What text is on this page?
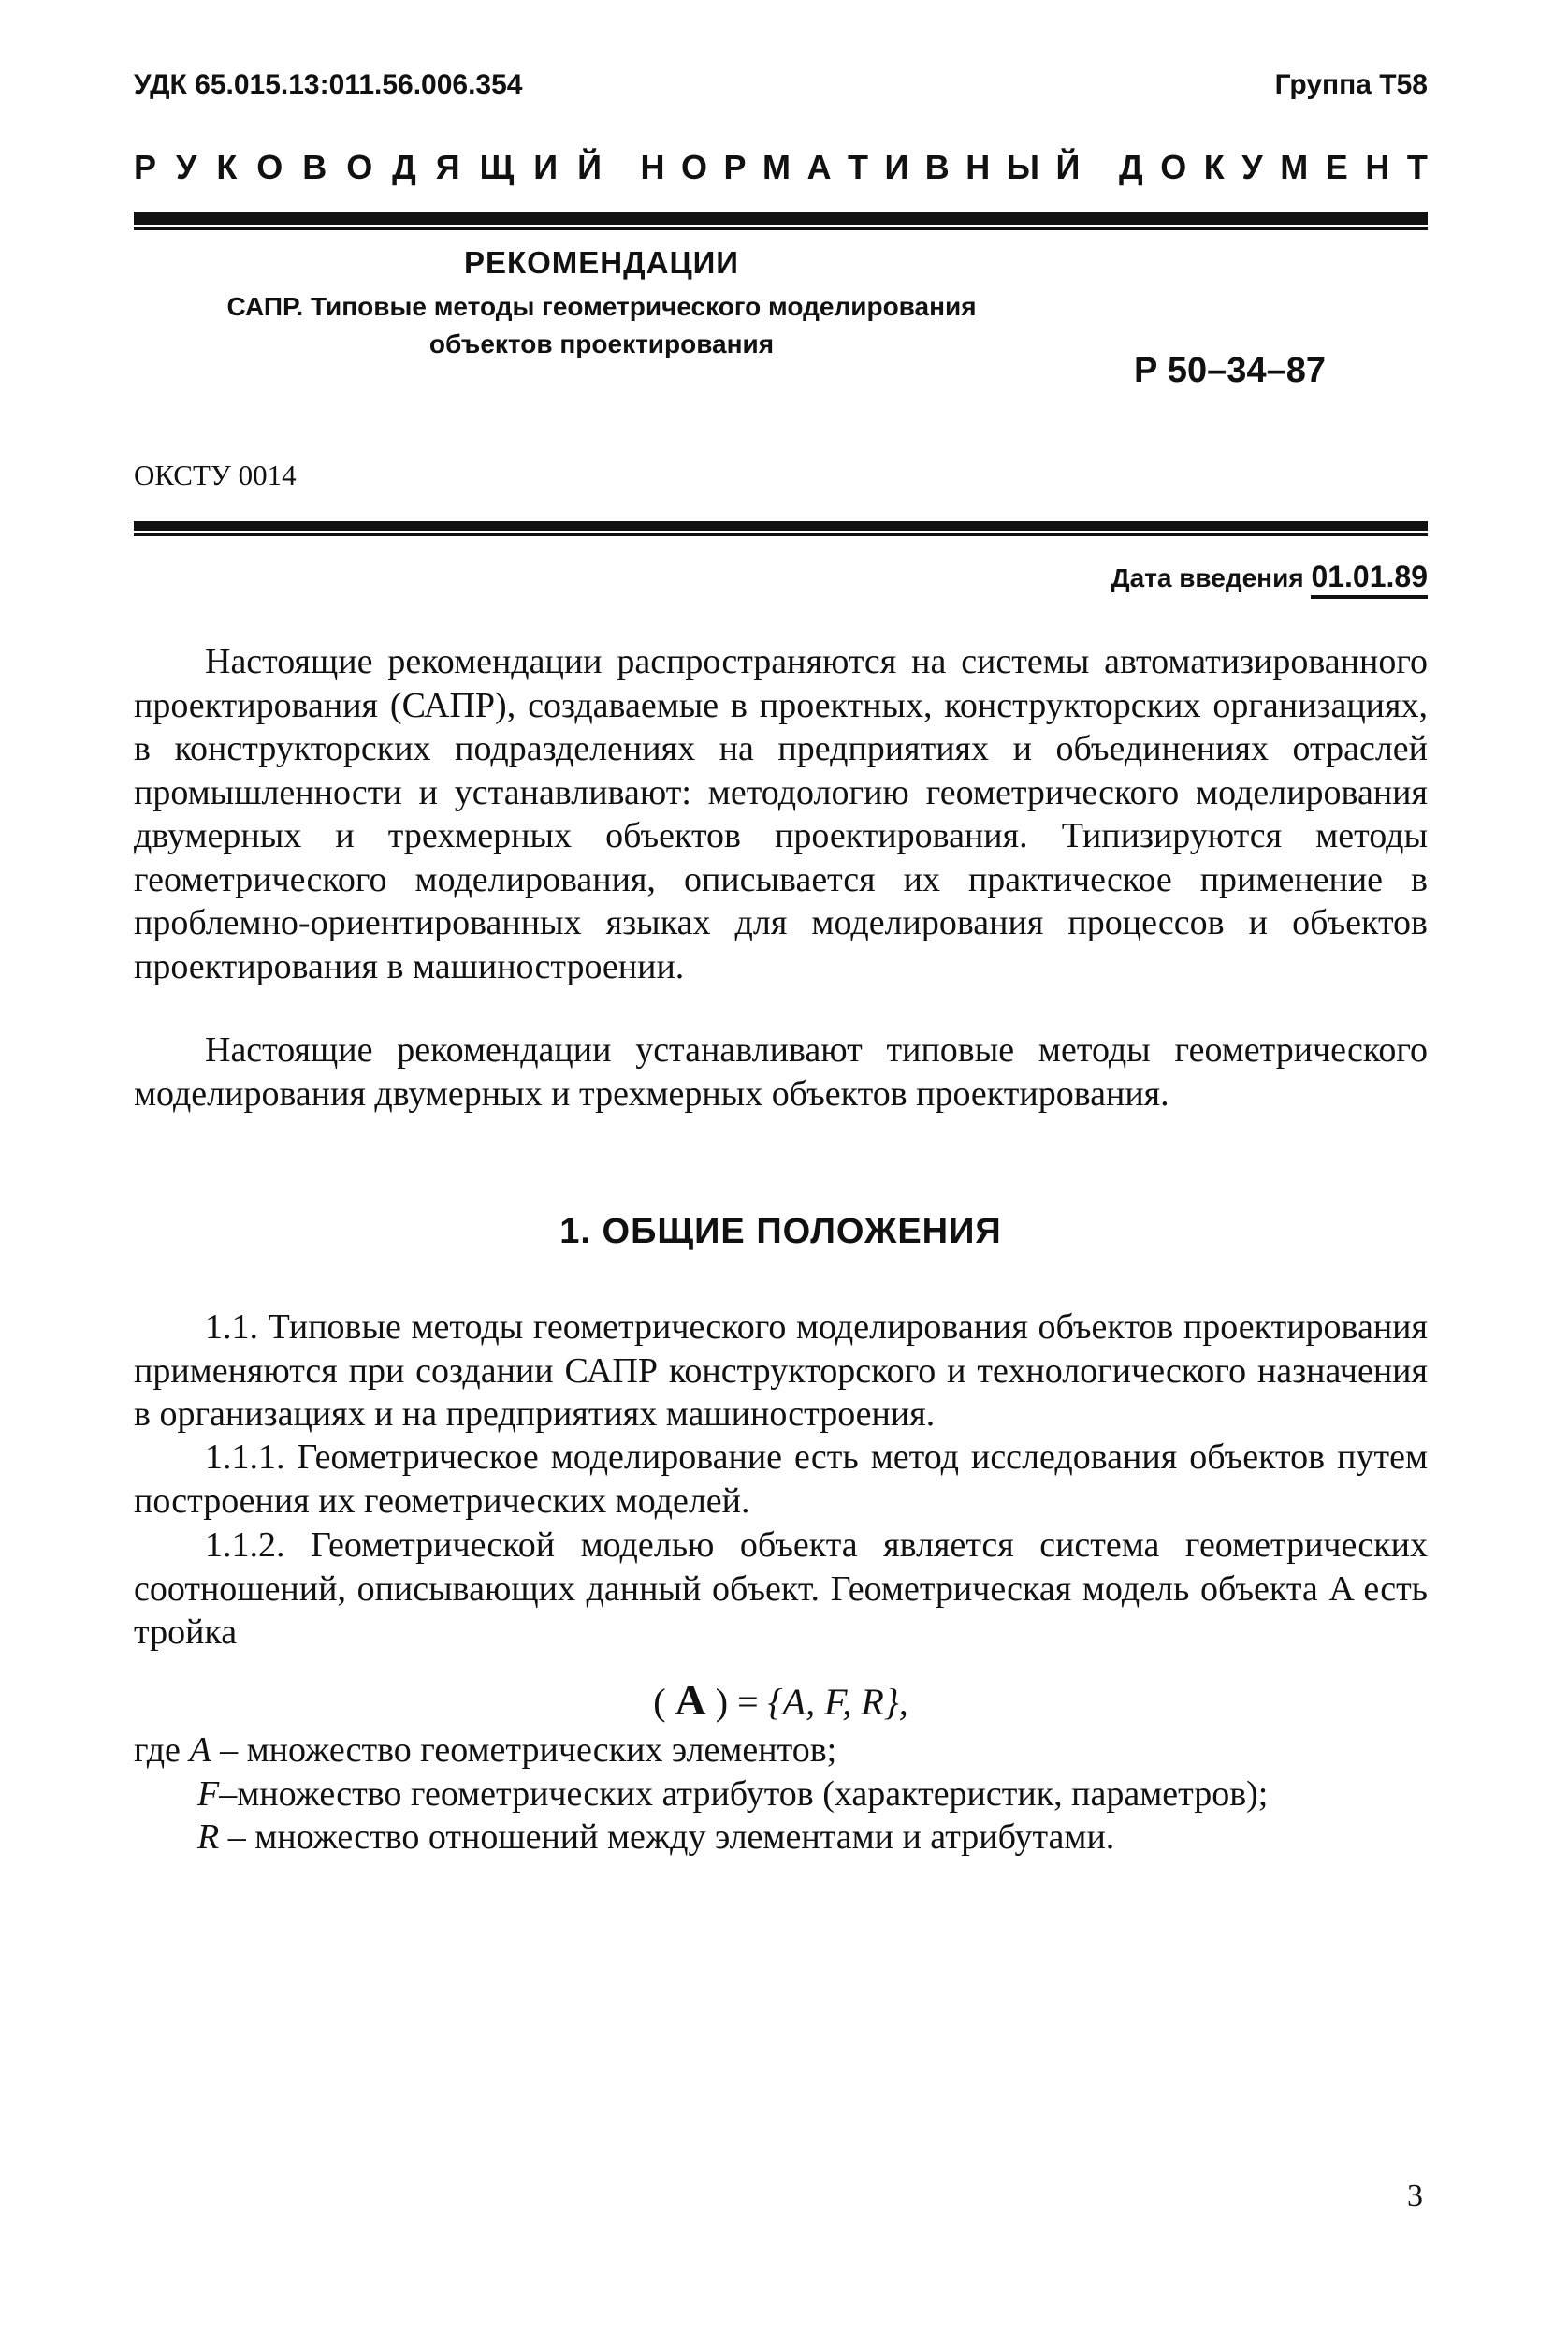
УДК 65.015.13:011.56.006.354	Группа Т58
Р У К О В О Д Я Щ И Й Н О Р М А Т И В Н Ы Й Д О К У М Е Н Т
РЕКОМЕНДАЦИИ
САПР. Типовые методы геометрического моделирования
объектов проектирования
Р 50–34–87
ОКСТУ 0014
Дата введения 01.01.89

Настоящие рекомендации распространяются на системы автоматизированного проектирования (САПР), создаваемые в проектных, конструкторских организациях, в конструкторских подразделениях на предприятиях и объединениях отраслей промышленности и устанавливают: методологию геометрического моделирования двумерных и трехмерных объектов проектирования. Типизируются методы геометрического моделирования, описывается их практическое применение в проблемно-ориентированных языках для моделирования процессов и объектов проектирования в машиностроении.

Настоящие рекомендации устанавливают типовые методы геометрического моделирования двумерных и трехмерных объектов проектирования.

1. ОБЩИЕ ПОЛОЖЕНИЯ

1.1. Типовые методы геометрического моделирования объектов проектирования применяются при создании САПР конструкторского и технологического назначения в организациях и на предприятиях машиностроения.

1.1.1. Геометрическое моделирование есть метод исследования объектов путем построения их геометрических моделей.

1.1.2. Геометрической моделью объекта является система геометрических соотношений, описывающих данный объект. Геометрическая модель объекта A есть тройка

( A ) = {A, F, R},
где A – множество геометрических элементов;
F–множество геометрических атрибутов (характеристик, параметров);
R – множество отношений между элементами и атрибутами.
3
